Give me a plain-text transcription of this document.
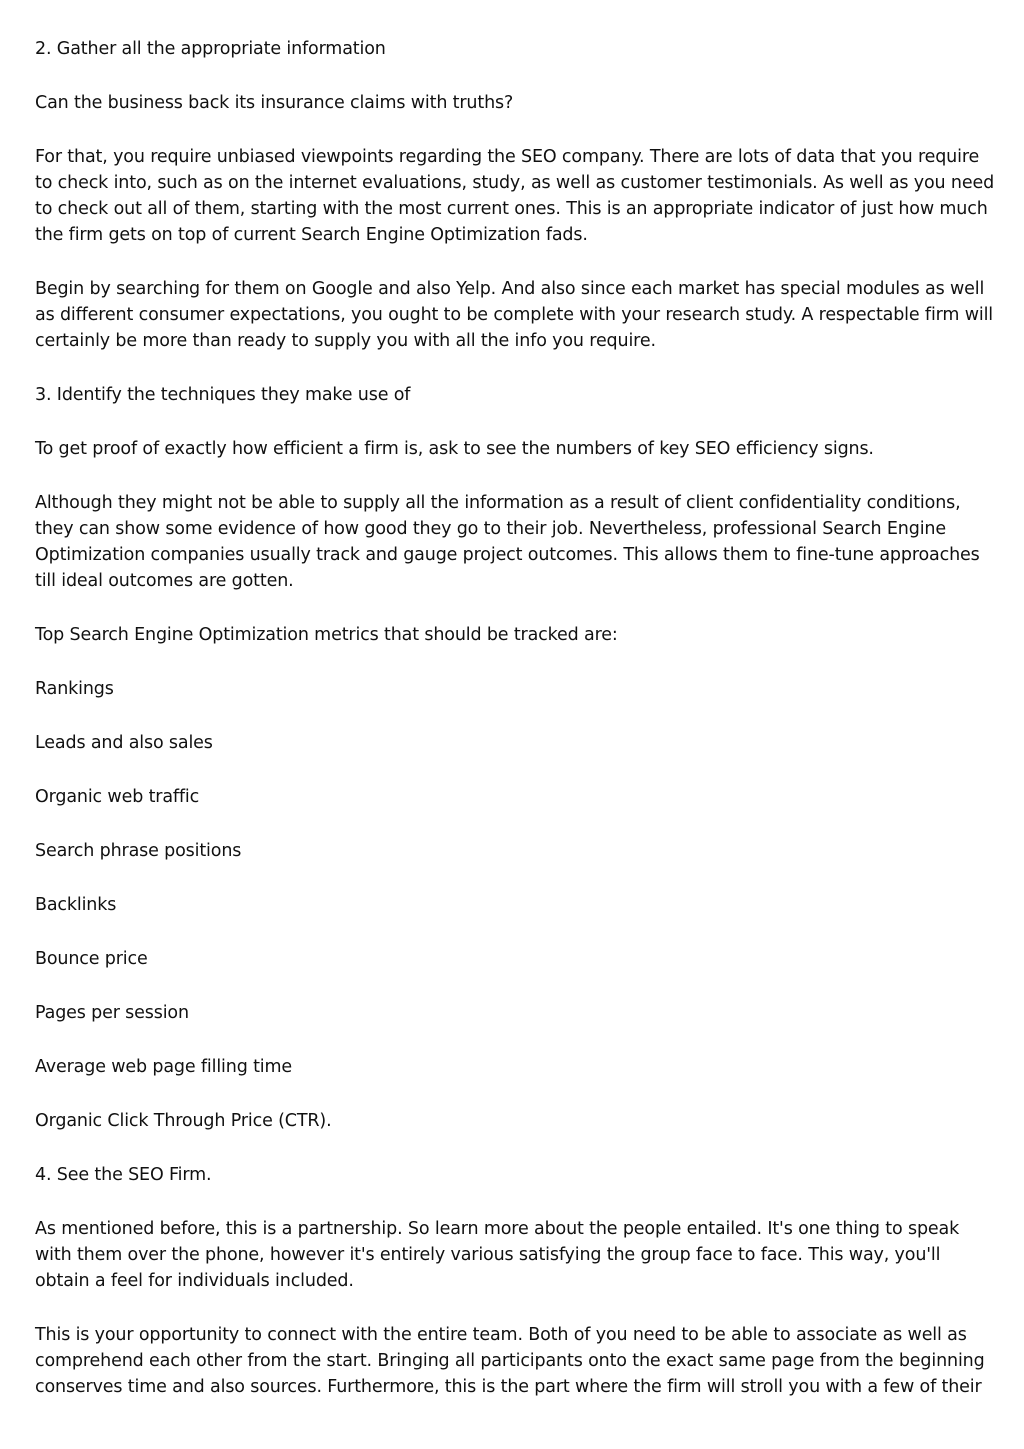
2. Gather all the appropriate information

Can the business back its insurance claims with truths?

For that, you require unbiased viewpoints regarding the SEO company. There are lots of data that you require to check into, such as on the internet evaluations, study, as well as customer testimonials. As well as you need to check out all of them, starting with the most current ones. This is an appropriate indicator of just how much the firm gets on top of current Search Engine Optimization fads.

Begin by searching for them on Google and also Yelp. And also since each market has special modules as well as different consumer expectations, you ought to be complete with your research study. A respectable firm will certainly be more than ready to supply you with all the info you require.

3. Identify the techniques they make use of

To get proof of exactly how efficient a firm is, ask to see the numbers of key SEO efficiency signs.

Although they might not be able to supply all the information as a result of client confidentiality conditions, they can show some evidence of how good they go to their job. Nevertheless, professional Search Engine Optimization companies usually track and gauge project outcomes. This allows them to fine-tune approaches till ideal outcomes are gotten.

Top Search Engine Optimization metrics that should be tracked are:

Rankings

Leads and also sales

Organic web traffic

Search phrase positions

Backlinks

Bounce price

Pages per session

Average web page filling time

Organic Click Through Price (CTR).

4. See the SEO Firm.

As mentioned before, this is a partnership. So learn more about the people entailed. It's one thing to speak with them over the phone, however it's entirely various satisfying the group face to face. This way, you'll obtain a feel for individuals included.

This is your opportunity to connect with the entire team. Both of you need to be able to associate as well as comprehend each other from the start. Bringing all participants onto the exact same page from the beginning conserves time and also sources. Furthermore, this is the part where the firm will stroll you with a few of their
